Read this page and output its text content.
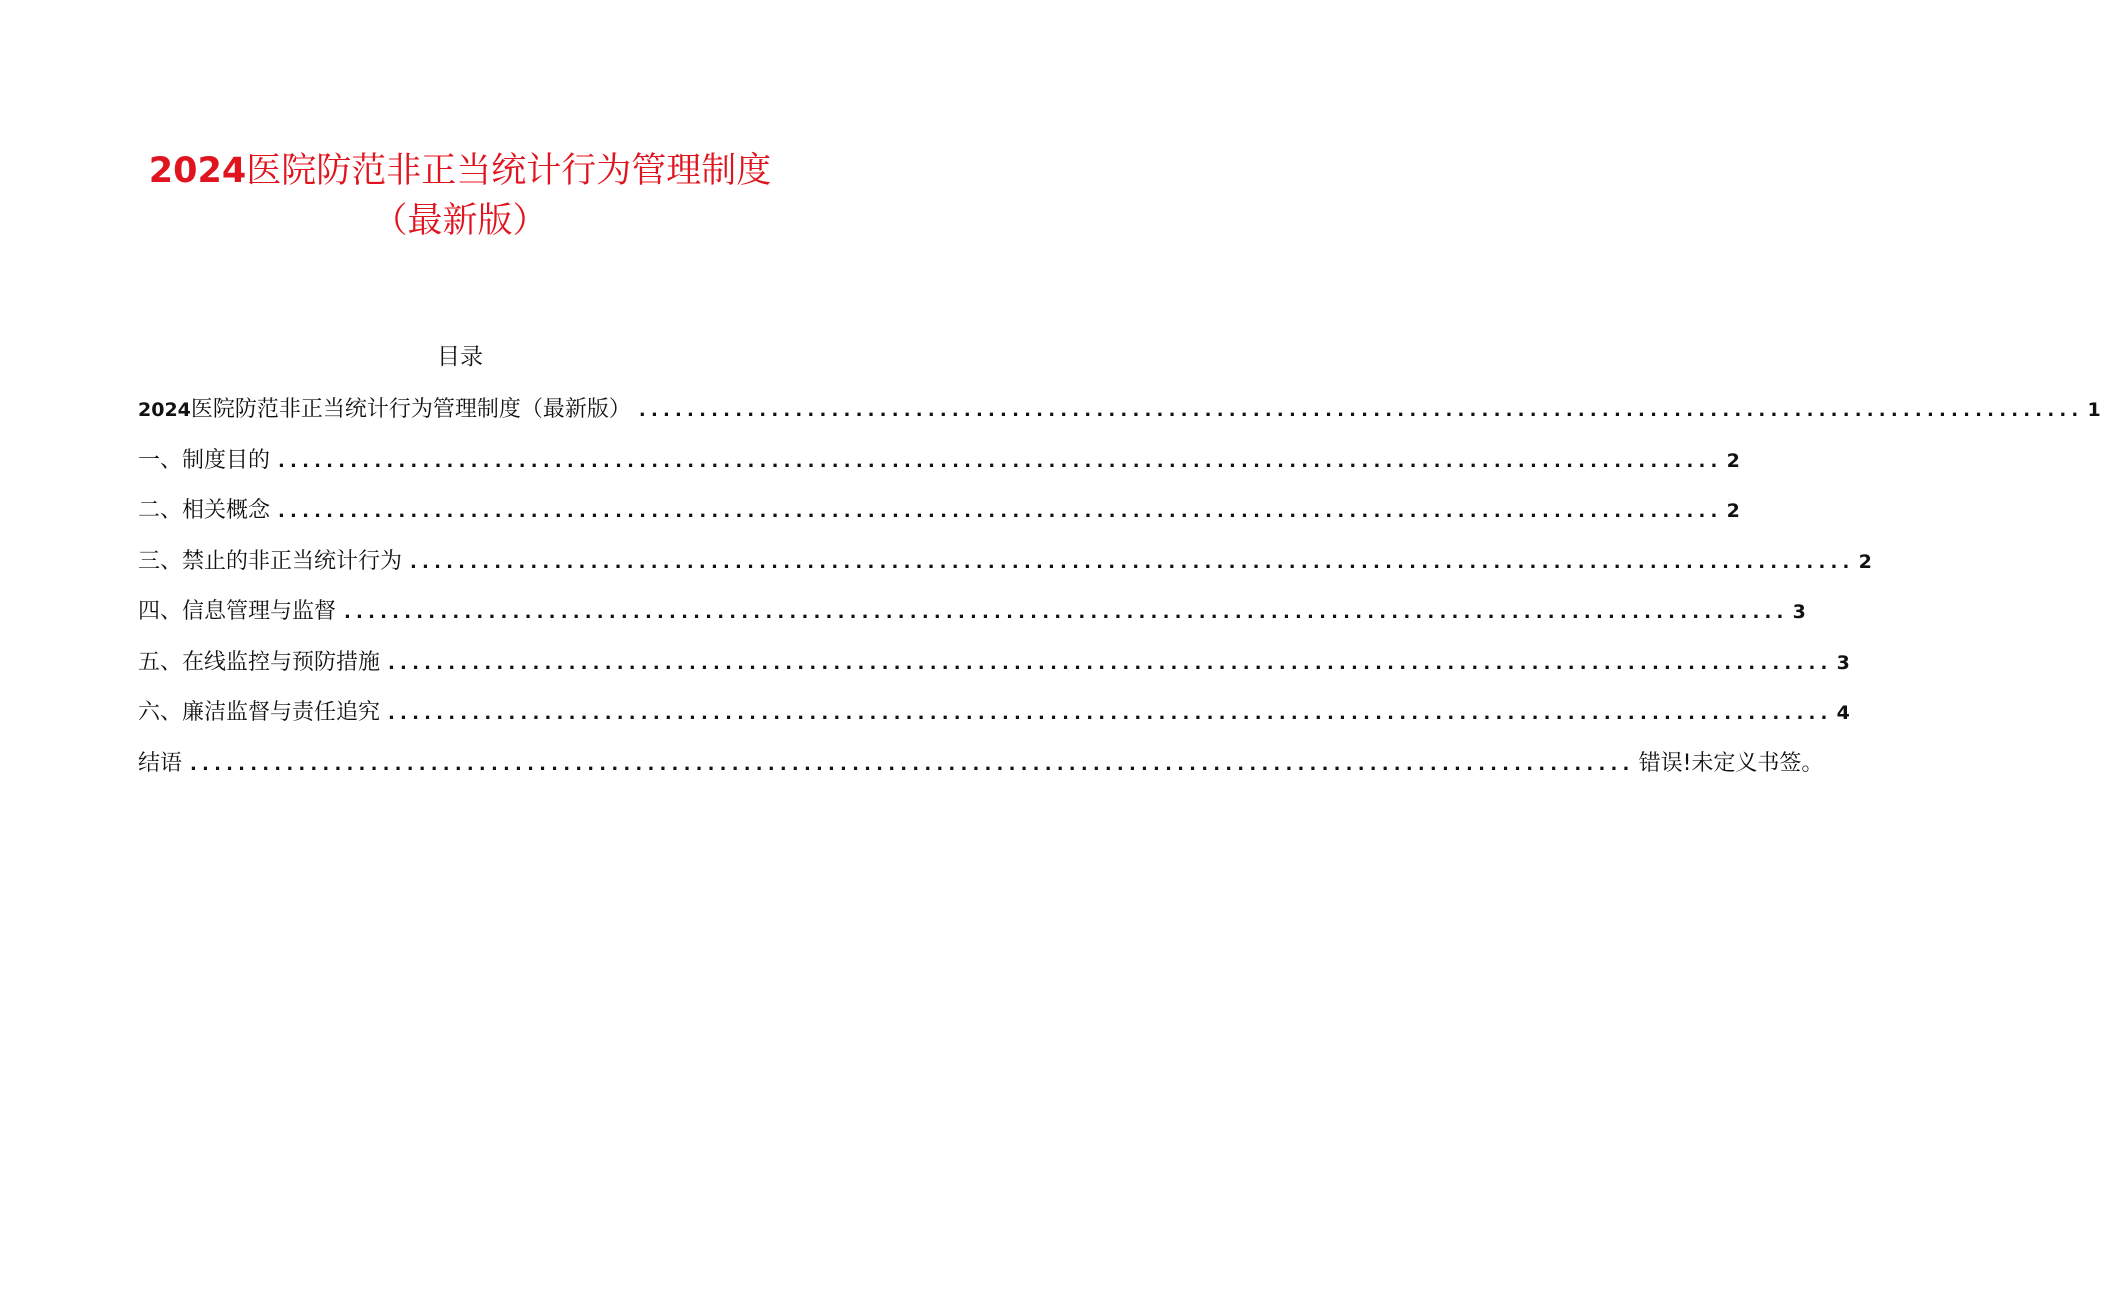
2024医院防范非正当统计行为管理制度
（最新版）
目录
2024医院防范非正当统计行为管理制度（最新版） ........................................................................................................................ 1
一、制度目的 ........................................................................................................................ 2
二、相关概念 ........................................................................................................................ 2
三、禁止的非正当统计行为 ........................................................................................................................ 2
四、信息管理与监督 ........................................................................................................................ 3
五、在线监控与预防措施 ........................................................................................................................ 3
六、廉洁监督与责任追究 ........................................................................................................................ 4
结语 ........................................................................................................................ 错误!未定义书签。
